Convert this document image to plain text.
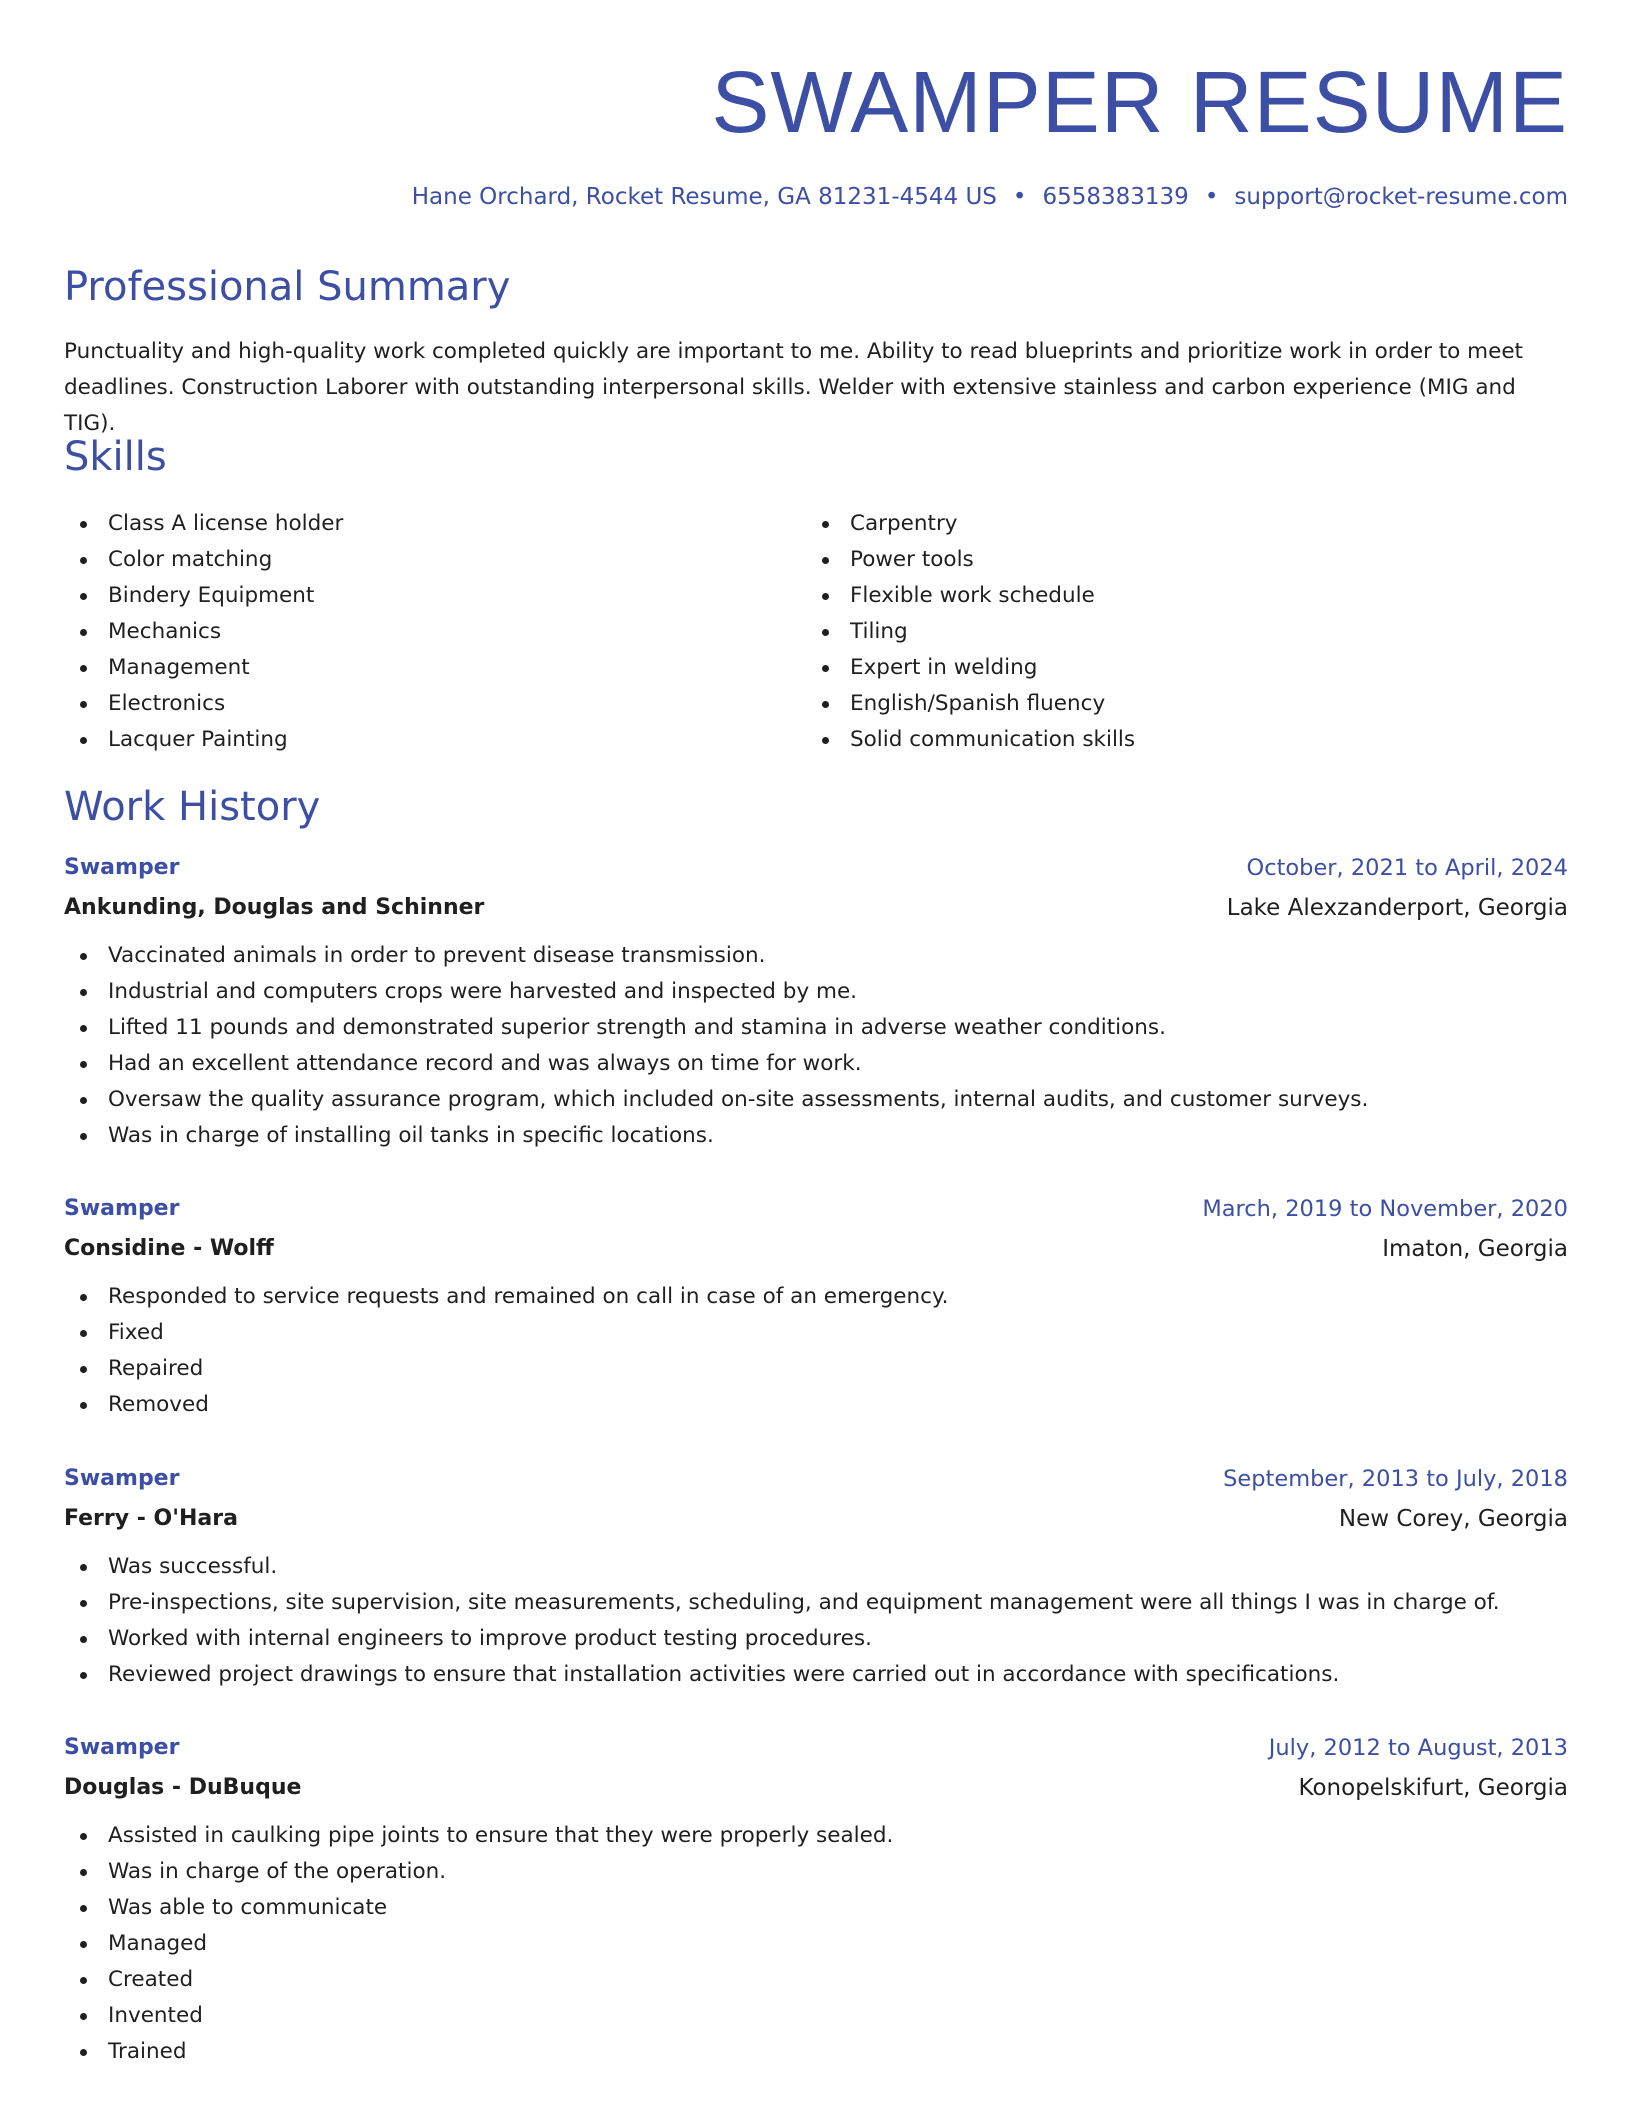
SWAMPER RESUME
Hane Orchard, Rocket Resume, GA 81231-4544 US • 6558383139 • support@rocket-resume.com
Professional Summary

Punctuality and high-quality work completed quickly are important to me. Ability to read blueprints and prioritize work in order to meet deadlines. Construction Laborer with outstanding interpersonal skills. Welder with extensive stainless and carbon experience (MIG and TIG).

Skills
Class A license holder
Color matching
Bindery Equipment
Mechanics
Management
Electronics
Lacquer Painting
Carpentry
Power tools
Flexible work schedule
Tiling
Expert in welding
English/Spanish fluency
Solid communication skills
Work History
Swamper	October, 2021 to April, 2024
Ankunding, Douglas and Schinner	Lake Alexzanderport, Georgia
Vaccinated animals in order to prevent disease transmission.
Industrial and computers crops were harvested and inspected by me.
Lifted 11 pounds and demonstrated superior strength and stamina in adverse weather conditions.
Had an excellent attendance record and was always on time for work.
Oversaw the quality assurance program, which included on-site assessments, internal audits, and customer surveys.
Was in charge of installing oil tanks in specific locations.
Swamper	March, 2019 to November, 2020
Considine - Wolff	Imaton, Georgia
Responded to service requests and remained on call in case of an emergency.
Fixed
Repaired
Removed
Swamper	September, 2013 to July, 2018
Ferry - O'Hara	New Corey, Georgia
Was successful.
Pre-inspections, site supervision, site measurements, scheduling, and equipment management were all things I was in charge of.
Worked with internal engineers to improve product testing procedures.
Reviewed project drawings to ensure that installation activities were carried out in accordance with specifications.
Swamper	July, 2012 to August, 2013
Douglas - DuBuque	Konopelskifurt, Georgia
Assisted in caulking pipe joints to ensure that they were properly sealed.
Was in charge of the operation.
Was able to communicate
Managed
Created
Invented
Trained
